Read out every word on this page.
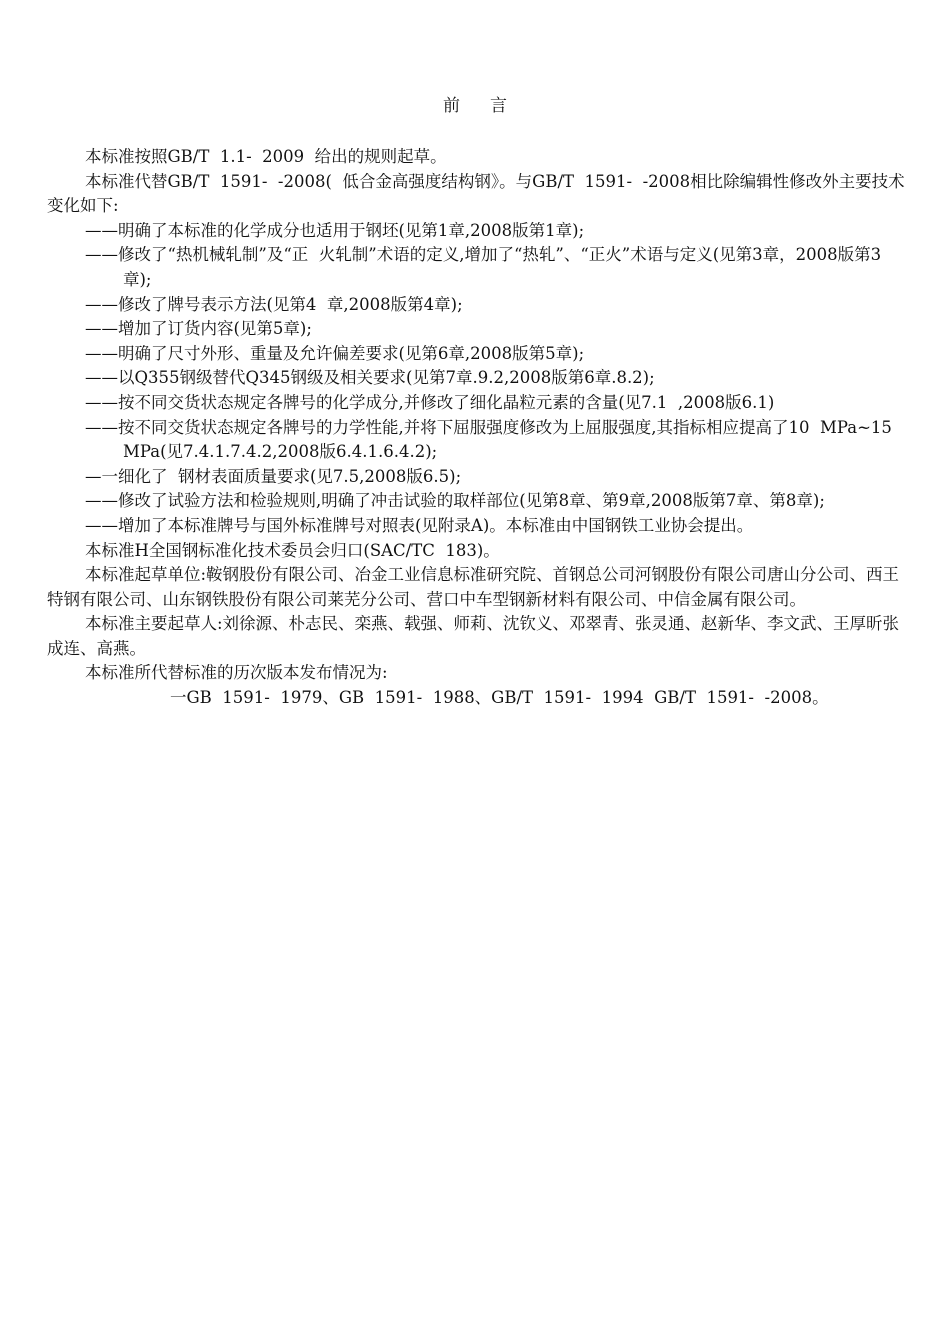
前言

本标准按照GB/T  1.1-  2009  给出的规则起草。

本标准代替GB/T  1591-  -2008(  低合金高强度结构钢》。与GB/T  1591-  -2008相比除编辑性修改外主要技术变化如下:

——明确了本标准的化学成分也适用于钢坯(见第1章,2008版第1章);

——修改了“热机械轧制”及“正  火轧制”术语的定义,增加了“热轧”、“正火”术语与定义(见第3章，2008版第3章);

——修改了牌号表示方法(见第4  章,2008版第4章);

——增加了订货内容(见第5章);

——明确了尺寸外形、重量及允许偏差要求(见第6章,2008版第5章);

——以Q355钢级替代Q345钢级及相关要求(见第7章.9.2,2008版第6章.8.2);

——按不同交货状态规定各牌号的化学成分,并修改了细化晶粒元素的含量(见7.1  ,2008版6.1)

——按不同交货状态规定各牌号的力学性能,并将下屈服强度修改为上屈服强度,其指标相应提高了10  MPa~15  MPa(见7.4.1.7.4.2,2008版6.4.1.6.4.2);

—一细化了  钢材表面质量要求(见7.5,2008版6.5);

——修改了试验方法和检验规则,明确了冲击试验的取样部位(见第8章、第9章,2008版第7章、第8章);

——增加了本标准牌号与国外标准牌号对照表(见附录A)。本标准由中国钢铁工业协会提出。

本标准H全国钢标准化技术委员会归口(SAC/TC  183)。

本标准起草单位:鞍钢股份有限公司、冶金工业信息标准研究院、首钢总公司河钢股份有限公司唐山分公司、西王特钢有限公司、山东钢铁股份有限公司莱芜分公司、营口中车型钢新材料有限公司、中信金属有限公司。

本标准主要起草人:刘徐源、朴志民、栾燕、载强、师莉、沈钦义、邓翠青、张灵通、赵新华、李文武、王厚昕张成连、高燕。

本标准所代替标准的历次版本发布情况为:

一GB  1591-  1979、GB  1591-  1988、GB/T  1591-  1994  GB/T  1591-  -2008。
